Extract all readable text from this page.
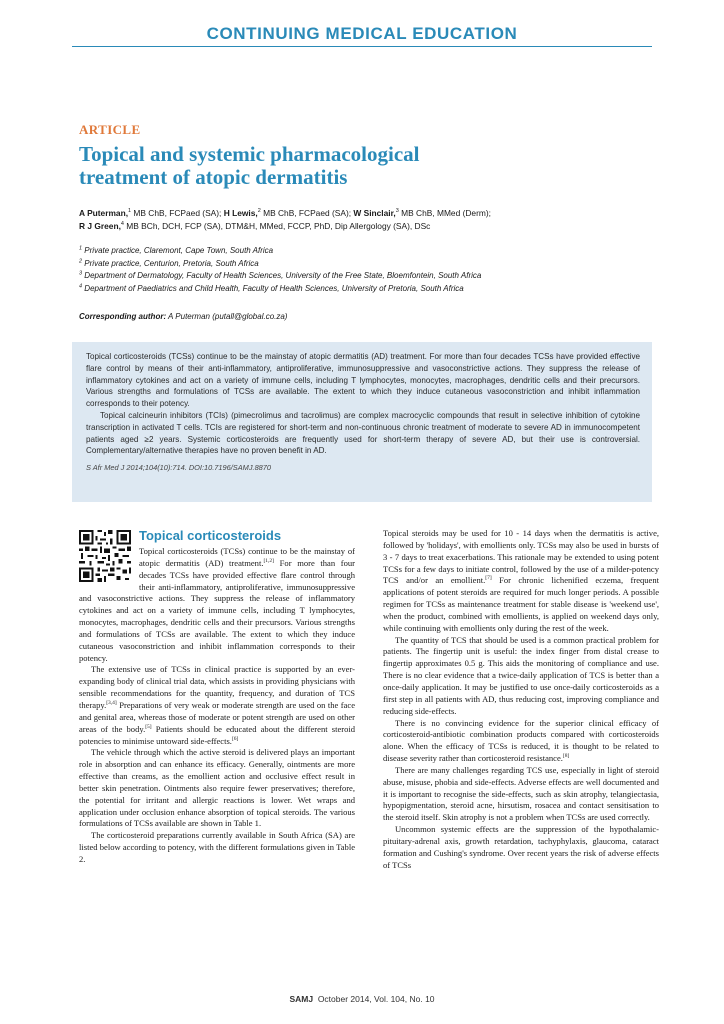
CONTINUING MEDICAL EDUCATION
ARTICLE
Topical and systemic pharmacological treatment of atopic dermatitis
A Puterman,$^1$ MB ChB, FCPaed (SA); H Lewis,$^2$ MB ChB, FCPaed (SA); W Sinclair,$^3$ MB ChB, MMed (Derm);
R J Green,$^4$ MB BCh, DCH, FCP (SA), DTM&H, MMed, FCCP, PhD, Dip Allergology (SA), DSc
$^1$ Private practice, Claremont, Cape Town, South Africa
$^2$ Private practice, Centurion, Pretoria, South Africa
$^3$ Department of Dermatology, Faculty of Health Sciences, University of the Free State, Bloemfontein, South Africa
$^4$ Department of Paediatrics and Child Health, Faculty of Health Sciences, University of Pretoria, South Africa
Corresponding author: A Puterman (putall@global.co.za)

Topical corticosteroids (TCSs) continue to be the mainstay of atopic dermatitis (AD) treatment. For more than four decades TCSs have provided effective flare control by means of their anti-inflammatory, antiproliferative, immunosuppressive and vasoconstrictive actions. They suppress the release of inflammatory cytokines and act on a variety of immune cells, including T lymphocytes, monocytes, macrophages, dendritic cells and their precursors. Various strengths and formulations of TCSs are available. The extent to which they induce cutaneous vasoconstriction and inhibit inflammation corresponds to their potency.

Topical calcineurin inhibitors (TCIs) (pimecrolimus and tacrolimus) are complex macrocyclic compounds that result in selective inhibition of cytokine transcription in activated T cells. TCIs are registered for short-term and non-continuous chronic treatment of moderate to severe AD in immunocompetent patients aged ≥2 years. Systemic corticosteroids are frequently used for short-term therapy of severe AD, but their use is controversial. Complementary/alternative therapies have no proven benefit in AD.

S Afr Med J 2014;104(10):714. DOI:10.7196/SAMJ.8870

Topical corticosteroids

Topical corticosteroids (TCSs) continue to be the mainstay of atopic dermatitis (AD) treatment.[1,2] For more than four decades TCSs have provided effective flare control through their anti-inflammatory, antiproliferative, immunosuppressive and vasoconstrictive actions. They suppress the release of inflammatory cytokines and act on a variety of immune cells, including T lymphocytes, monocytes, macrophages, dendritic cells and their precursors. Various strengths and formulations of TCSs are available. The extent to which they induce cutaneous vasoconstriction and inhibit inflammation corresponds to their potency.

The extensive use of TCSs in clinical practice is supported by an ever-expanding body of clinical trial data, which assists in providing physicians with sensible recommendations for the quantity, frequency, and duration of TCS therapy.[3,4] Preparations of very weak or moderate strength are used on the face and genital area, whereas those of moderate or potent strength are used on other areas of the body.[5] Patients should be educated about the different steroid potencies to minimise untoward side-effects.[6]

The vehicle through which the active steroid is delivered plays an important role in absorption and can enhance its efficacy. Generally, ointments are more effective than creams, as the emollient action and occlusive effect result in better skin penetration. Ointments also require fewer preservatives; therefore, the potential for irritant and allergic reactions is lower. Wet wraps and application under occlusion enhance absorption of topical steroids. The various formulations of TCSs available are shown in Table 1.

The corticosteroid preparations currently available in South Africa (SA) are listed below according to potency, with the different formulations given in Table 2.

Topical steroids may be used for 10 - 14 days when the dermatitis is active, followed by 'holidays', with emollients only. TCSs may also be used in bursts of 3 - 7 days to treat exacerbations. This rationale may be extended to using potent TCSs for a few days to initiate control, followed by the use of a milder-potency TCS and/or an emollient.[7] For chronic lichenified eczema, frequent applications of potent steroids are required for much longer periods. A possible regimen for TCSs as maintenance treatment for stable disease is 'weekend use', when the product, combined with emollients, is applied on weekend days only, while continuing with emollients only during the rest of the week.

The quantity of TCS that should be used is a common practical problem for patients. The fingertip unit is useful: the index finger from distal crease to fingertip approximates 0.5 g. This aids the monitoring of compliance and use. There is no clear evidence that a twice-daily application of TCS is better than a once-daily application. It may be justified to use once-daily corticosteroids as a first step in all patients with AD, thus reducing cost, improving compliance and reducing side-effects.

There is no convincing evidence for the superior clinical efficacy of corticosteroid-antibiotic combination products compared with corticosteroids alone. When the efficacy of TCSs is reduced, it is thought to be related to disease severity rather than corticosteroid resistance.[8]

There are many challenges regarding TCS use, especially in light of steroid abuse, misuse, phobia and side-effects. Adverse effects are well documented and it is important to recognise the side-effects, such as skin atrophy, telangiectasia, hypopigmentation, steroid acne, hirsutism, rosacea and contact sensitisation to the steroid itself. Skin atrophy is not a problem when TCSs are used correctly.

Uncommon systemic effects are the suppression of the hypothalamic-pituitary-adrenal axis, growth retardation, tachyphylaxis, glaucoma, cataract formation and Cushing's syndrome. Over recent years the risk of adverse effects of TCSs

SAMJ October 2014, Vol. 104, No. 10
